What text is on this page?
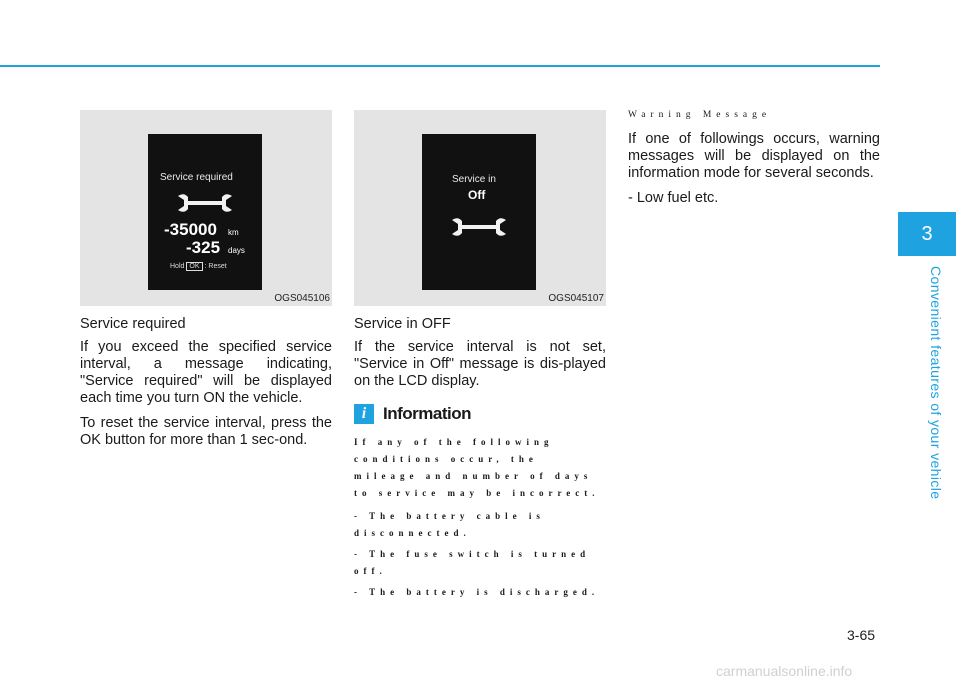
3
Convenient features of your vehicle
Service required
-35000 km
-325 days
Hold OK : Reset
OGS045106
Service in
Off
OGS045107
Service required

If you exceed the specified service interval, a message indicating, "Service required" will be displayed each time you turn ON the vehicle.

To reset the service interval, press the OK button for more than 1 sec-ond.

Service in OFF

If the service interval is not set, "Service in Off" message is dis-played on the LCD display.

i Information

If any of the following conditions occur, the mileage and number of days to service may be incorrect.

- The battery cable is disconnected.

- The fuse switch is turned off.

- The battery is discharged.

Warning Message

If one of followings occurs, warning messages will be displayed on the information mode for several seconds.

- Low fuel etc.

3-65
carmanualsonline.info
